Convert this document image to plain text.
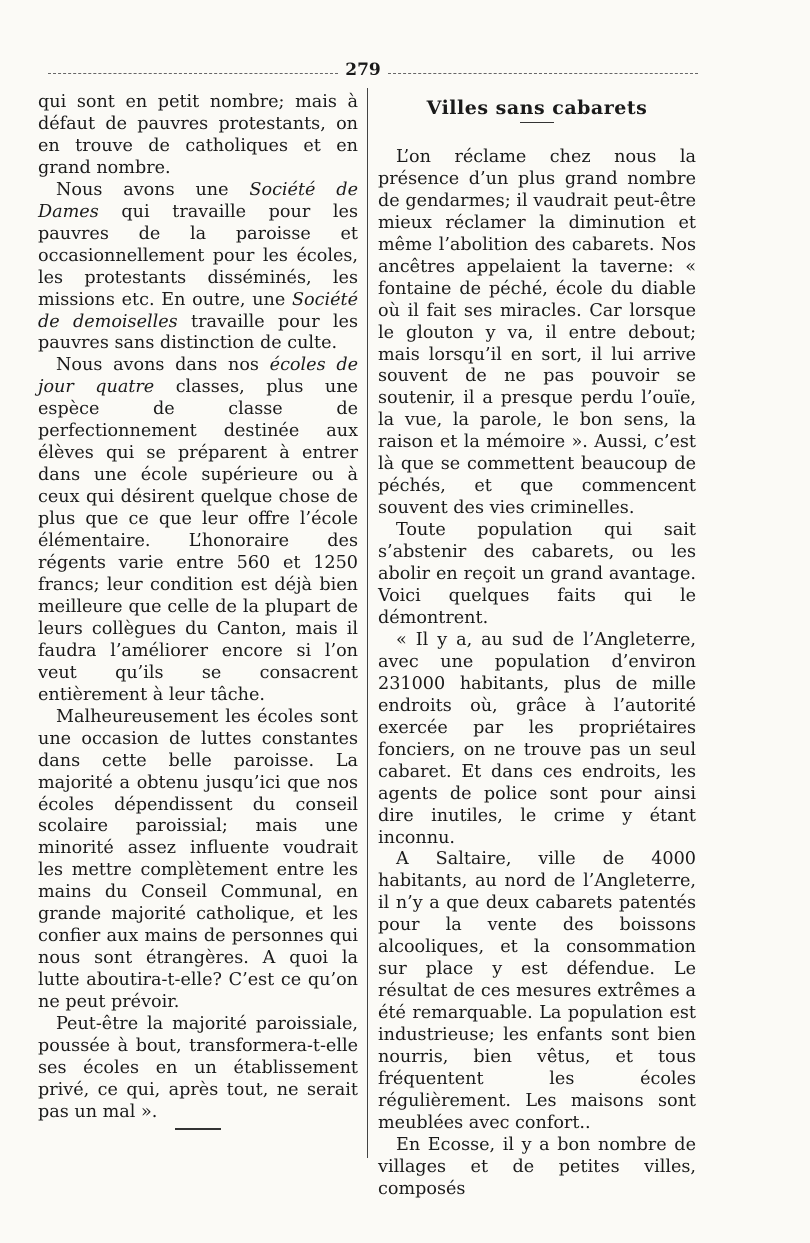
279

qui sont en petit nombre; mais à défaut de pauvres protestants, on en trouve de catholiques et en grand nombre.

Nous avons une Société de Dames qui travaille pour les pauvres de la paroisse et occasionnellement pour les écoles, les protestants disséminés, les missions etc. En outre, une Société de demoiselles travaille pour les pauvres sans distinction de culte.

Nous avons dans nos écoles de jour quatre classes, plus une espèce de classe de perfectionnement destinée aux élèves qui se préparent à entrer dans une école supérieure ou à ceux qui désirent quelque chose de plus que ce que leur offre l’école élémentaire. L’honoraire des régents varie entre 560 et 1250 francs; leur condition est déjà bien meilleure que celle de la plupart de leurs collègues du Canton, mais il faudra l’améliorer encore si l’on veut qu’ils se consacrent entièrement à leur tâche.

Malheureusement les écoles sont une occasion de luttes constantes dans cette belle paroisse. La majorité a obtenu jusqu’ici que nos écoles dépendissent du conseil scolaire paroissial; mais une minorité assez influente voudrait les mettre complètement entre les mains du Conseil Communal, en grande majorité catholique, et les confier aux mains de personnes qui nous sont étrangères. A quoi la lutte aboutira-t-elle? C’est ce qu’on ne peut prévoir.

Peut-être la majorité paroissiale, poussée à bout, transformera-t-elle ses écoles en un établissement privé, ce qui, après tout, ne serait pas un mal ».

Villes sans cabarets

L’on réclame chez nous la présence d’un plus grand nombre de gendarmes; il vaudrait peut-être mieux réclamer la diminution et même l’abolition des cabarets. Nos ancêtres appelaient la taverne: « fontaine de péché, école du diable où il fait ses miracles. Car lorsque le glouton y va, il entre debout; mais lorsqu’il en sort, il lui arrive souvent de ne pas pouvoir se soutenir, il a presque perdu l’ouïe, la vue, la parole, le bon sens, la raison et la mémoire ». Aussi, c’est là que se commettent beaucoup de péchés, et que commencent souvent des vies criminelles.

Toute population qui sait s’abstenir des cabarets, ou les abolir en reçoit un grand avantage. Voici quelques faits qui le démontrent.

« Il y a, au sud de l’Angleterre, avec une population d’environ 231000 habitants, plus de mille endroits où, grâce à l’autorité exercée par les propriétaires fonciers, on ne trouve pas un seul cabaret. Et dans ces endroits, les agents de police sont pour ainsi dire inutiles, le crime y étant inconnu.

A Saltaire, ville de 4000 habitants, au nord de l’Angleterre, il n’y a que deux cabarets patentés pour la vente des boissons alcooliques, et la consommation sur place y est défendue. Le résultat de ces mesures extrêmes a été remarquable. La population est industrieuse; les enfants sont bien nourris, bien vêtus, et tous fréquentent les écoles régulièrement. Les maisons sont meublées avec confort..

En Ecosse, il y a bon nombre de villages et de petites villes, composés
